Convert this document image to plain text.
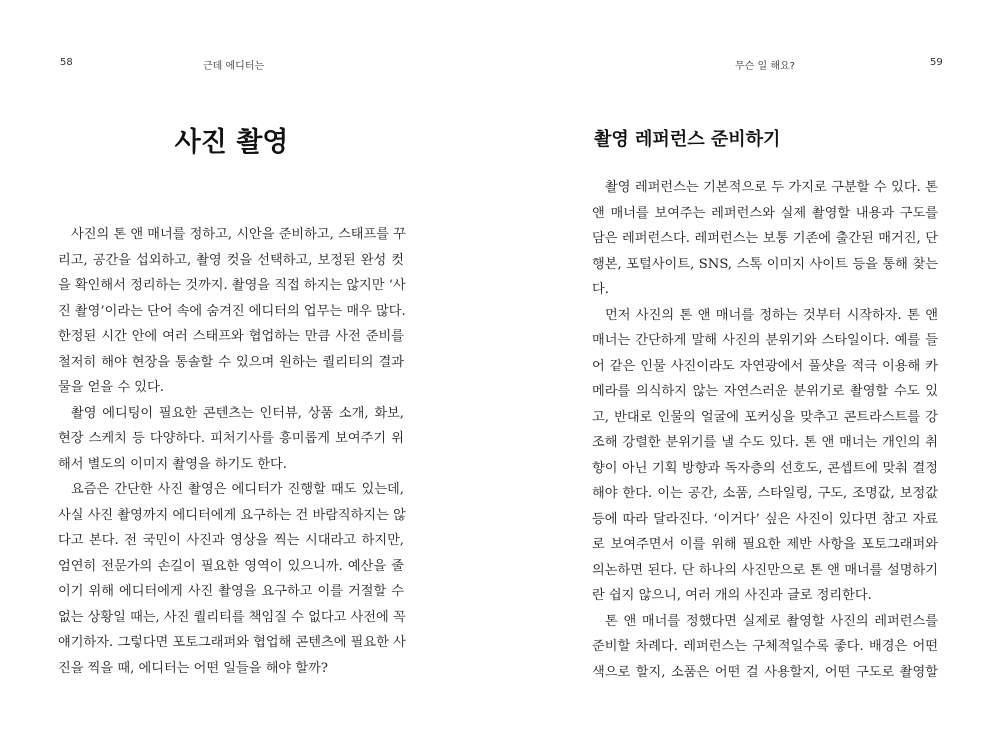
58	근데 에디터는
사진 촬영
사진의 톤 앤 매너를 정하고, 시안을 준비하고, 스태프를 꾸
리고, 공간을 섭외하고, 촬영 컷을 선택하고, 보정된 완성 컷
을 확인해서 정리하는 것까지. 촬영을 직접 하지는 않지만 ‘사
진 촬영’이라는 단어 속에 숨겨진 에디터의 업무는 매우 많다.
한정된 시간 안에 여러 스태프와 협업하는 만큼 사전 준비를
철저히 해야 현장을 통솔할 수 있으며 원하는 퀄리티의 결과
물을 얻을 수 있다.
촬영 에디팅이 필요한 콘텐츠는 인터뷰, 상품 소개, 화보,
현장 스케치 등 다양하다. 피처기사를 흥미롭게 보여주기 위
해서 별도의 이미지 촬영을 하기도 한다.
요즘은 간단한 사진 촬영은 에디터가 진행할 때도 있는데,
사실 사진 촬영까지 에디터에게 요구하는 건 바람직하지는 않
다고 본다. 전 국민이 사진과 영상을 찍는 시대라고 하지만,
엄연히 전문가의 손길이 필요한 영역이 있으니까. 예산을 줄
이기 위해 에디터에게 사진 촬영을 요구하고 이를 거절할 수
없는 상황일 때는, 사진 퀄리티를 책임질 수 없다고 사전에 꼭
얘기하자. 그렇다면 포토그래퍼와 협업해 콘텐츠에 필요한 사
진을 찍을 때, 에디터는 어떤 일들을 해야 할까?
무슨 일 해요?	59
촬영 레퍼런스 준비하기
촬영 레퍼런스는 기본적으로 두 가지로 구분할 수 있다. 톤
앤 매너를 보여주는 레퍼런스와 실제 촬영할 내용과 구도를
담은 레퍼런스다. 레퍼런스는 보통 기존에 출간된 매거진, 단
행본, 포털사이트, SNS, 스톡 이미지 사이트 등을 통해 찾는
다.
먼저 사진의 톤 앤 매너를 정하는 것부터 시작하자. 톤 앤
매너는 간단하게 말해 사진의 분위기와 스타일이다. 예를 들
어 같은 인물 사진이라도 자연광에서 풀샷을 적극 이용해 카
메라를 의식하지 않는 자연스러운 분위기로 촬영할 수도 있
고, 반대로 인물의 얼굴에 포커싱을 맞추고 콘트라스트를 강
조해 강렬한 분위기를 낼 수도 있다. 톤 앤 매너는 개인의 취
향이 아닌 기획 방향과 독자층의 선호도, 콘셉트에 맞춰 결정
해야 한다. 이는 공간, 소품, 스타일링, 구도, 조명값, 보정값
등에 따라 달라진다. ‘이거다’ 싶은 사진이 있다면 참고 자료
로 보여주면서 이를 위해 필요한 제반 사항을 포토그래퍼와
의논하면 된다. 단 하나의 사진만으로 톤 앤 매너를 설명하기
란 쉽지 않으니, 여러 개의 사진과 글로 정리한다.
톤 앤 매너를 정했다면 실제로 촬영할 사진의 레퍼런스를
준비할 차례다. 레퍼런스는 구체적일수록 좋다. 배경은 어떤
색으로 할지, 소품은 어떤 걸 사용할지, 어떤 구도로 촬영할
